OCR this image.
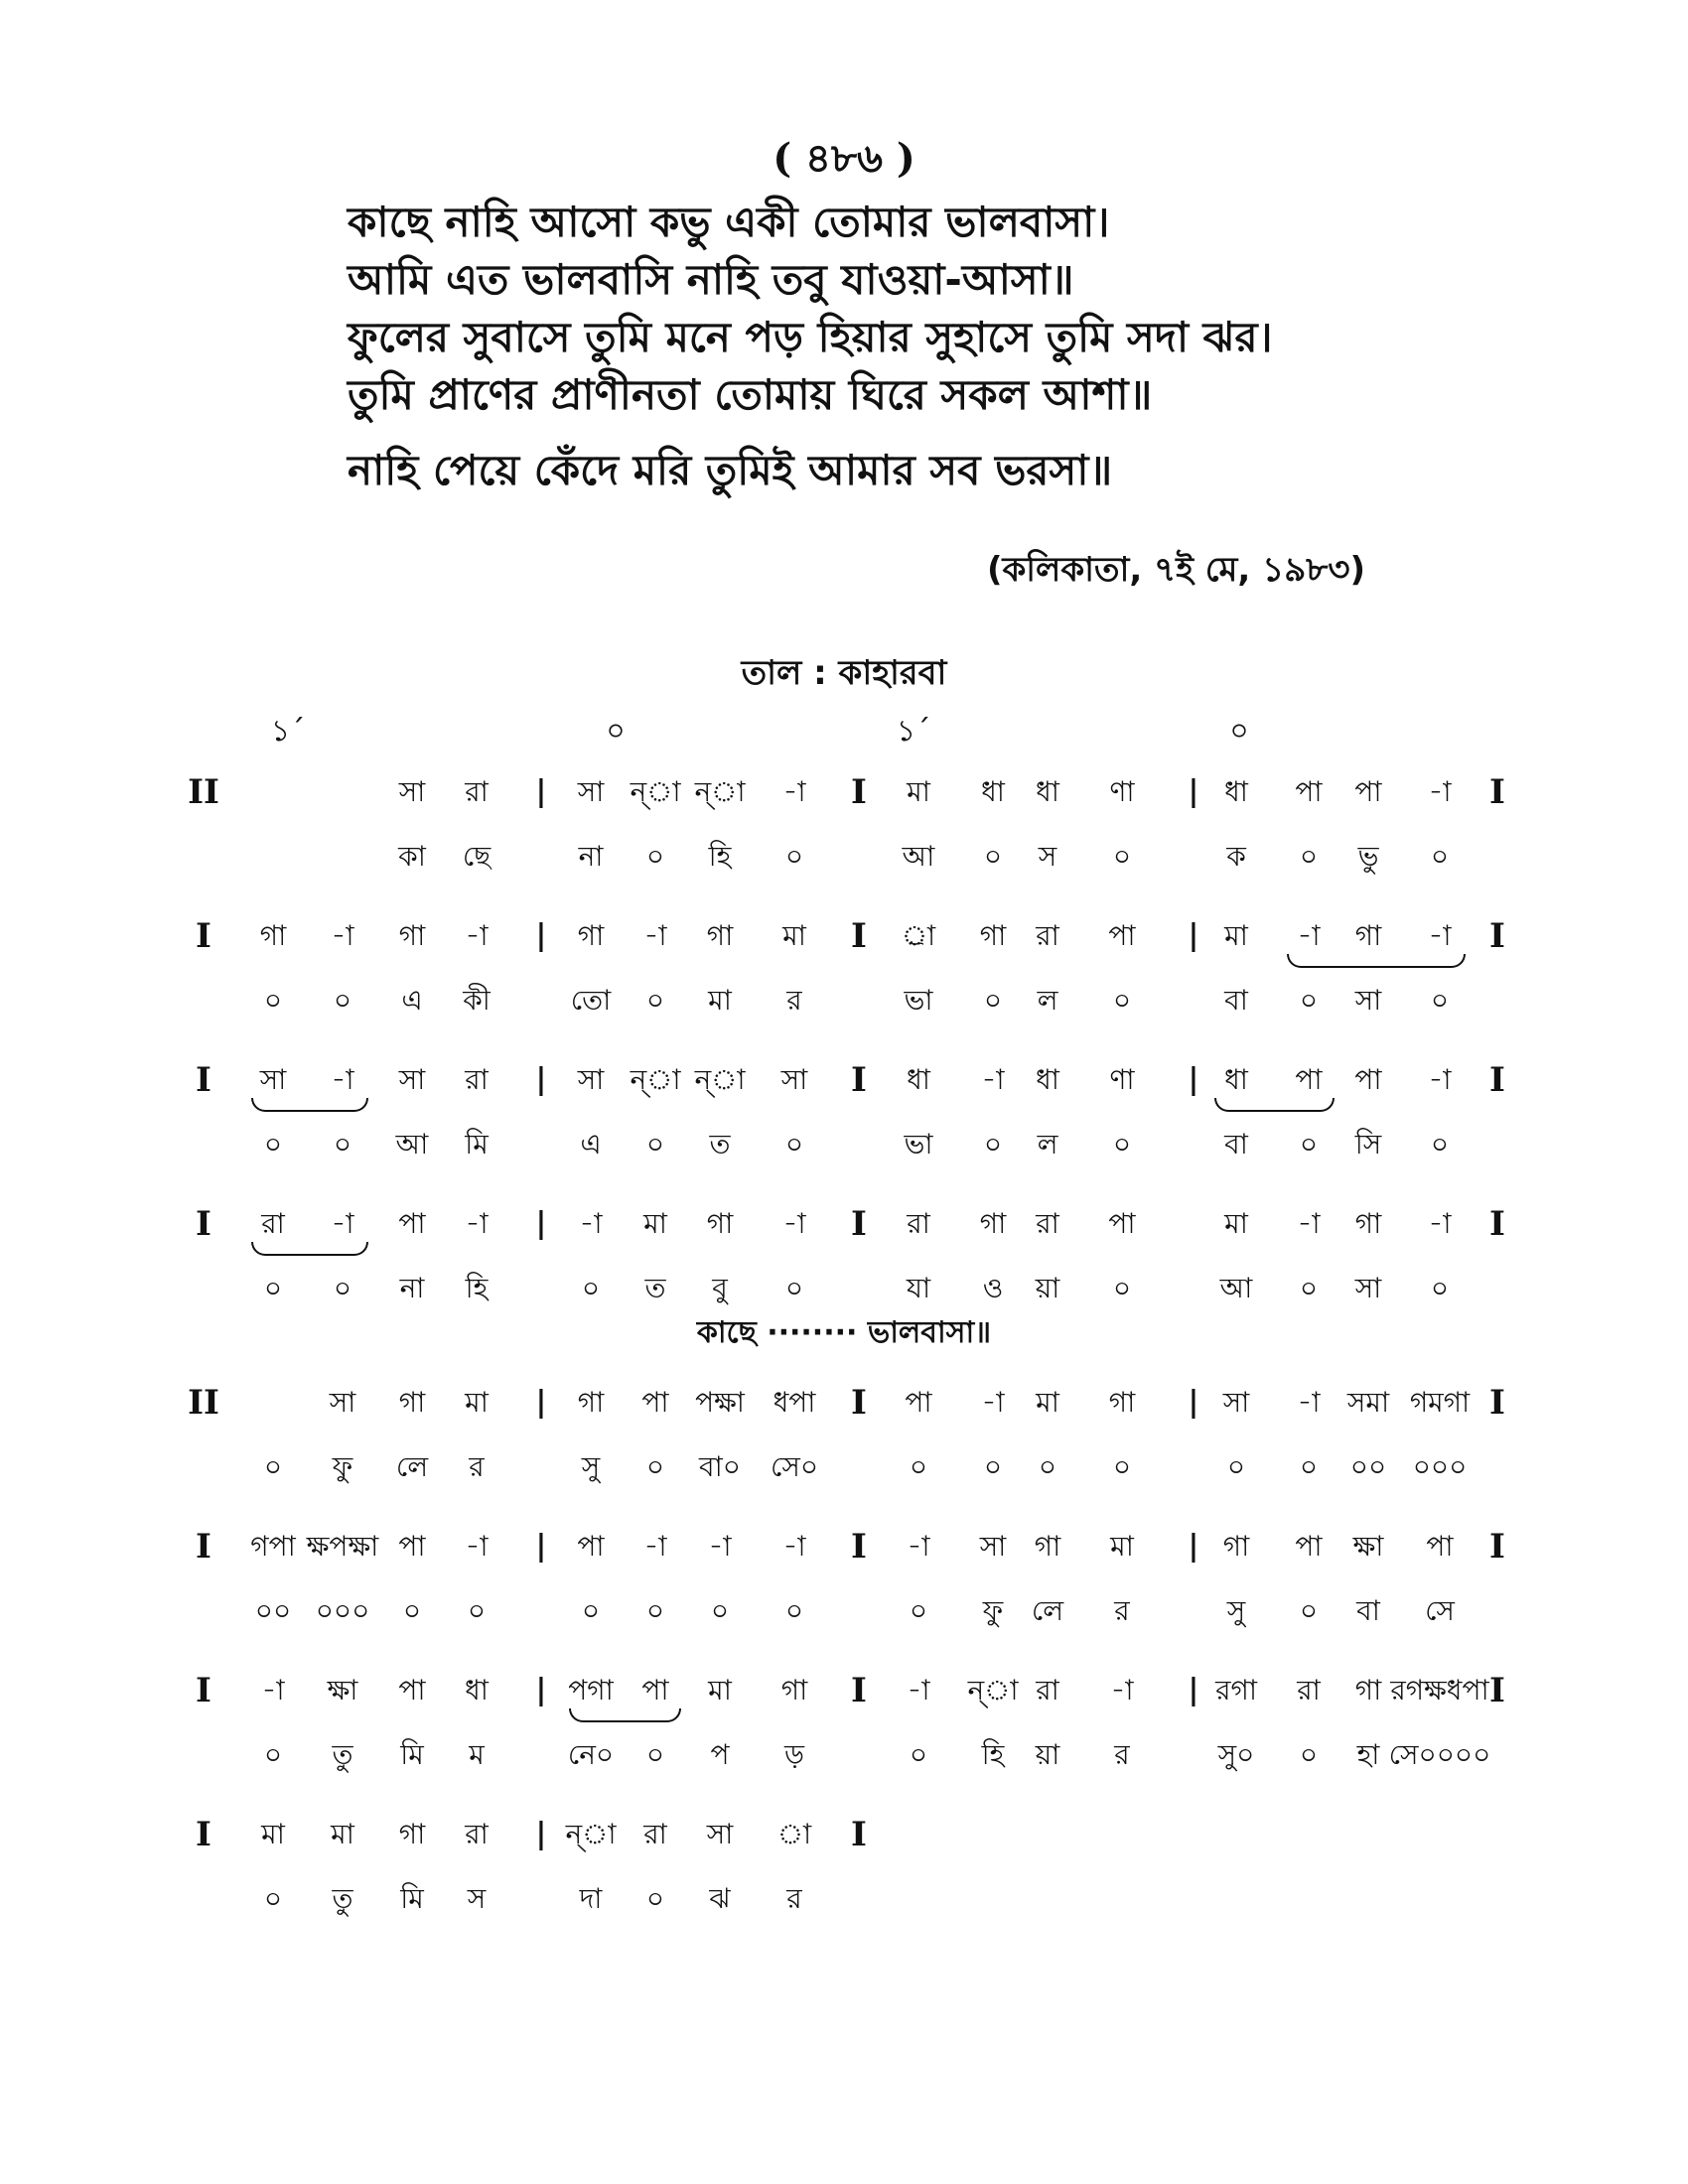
( ৪৮৬ )
কাছে নাহি আসো কভু একী তোমার ভালবাসা।
আমি এত ভালবাসি নাহি তবু যাওয়া-আসা॥
ফুলের সুবাসে তুমি মনে পড় হিয়ার সুহাসে তুমি সদা ঝর।
তুমি প্রাণের প্রাণীনতা তোমায় ঘিরে সকল আশা॥
নাহি পেয়ে কেঁদে মরি তুমিই আমার সব ভরসা॥
(কলিকাতা, ৭ই মে, ১৯৮৩)
তাল : কাহারবা
১´	০	১´	০
II	সা রা | সা ন্‌া ন্‌া -া I মা ধা ধা ণা | ধা পা পা -া I
কা ছে	না ০ হি ০	আ ০ স ০	ক ০ ভু ০
I গা -া গা -া | গা -া গা মা I র্‌া গা রা পা | মা -া গা -া I
০ ০ এ কী	তো ০ মা র	ভা ০ ল ০	বা ০ সা ০
I সা -া সা রা | সা ন্‌া ন্‌া সা I ধা -া ধা ণা | ধা পা পা -া I
০ ০ আ মি	এ ০ ত ০	ভা ০ ল ০	বা ০ সি ০
I রা -া পা -া | -া মা গা -া I রা গা রা পা	মা -া গা -া I
০ ০ না হি	০ ত বু ০	যা ও য়া ০	আ ০ সা ০
II	সা গা মা | গা পা পক্ষা ধপা I পা -া মা গা | সা -া সমা গমগা I
০ ফু লে র	সু ০ বা০ সে০	০ ০ ০ ০	০ ০ ০০ ০০০
I গপা ক্ষপক্ষা পা -া | পা -া -া -া I -া সা গা মা | গা পা ক্ষা পা I
০০ ০০০ ০ ০	০ ০ ০ ০	০ ফু লে র	সু ০ বা সে
I -া ক্ষা পা ধা | পগা পা মা গা I -া ন্‌া রা -া | রগা রা গা রগক্ষধপা I
০ তু মি ম	নে০ ০ প ড়	০ হি য়া র	সু০ ০ হা সে০০০০
I মা মা গা রা | ন্‌া রা সা া I
০ তু মি স	দা ০ ঝ র
কাছে ········ ভালবাসা॥
